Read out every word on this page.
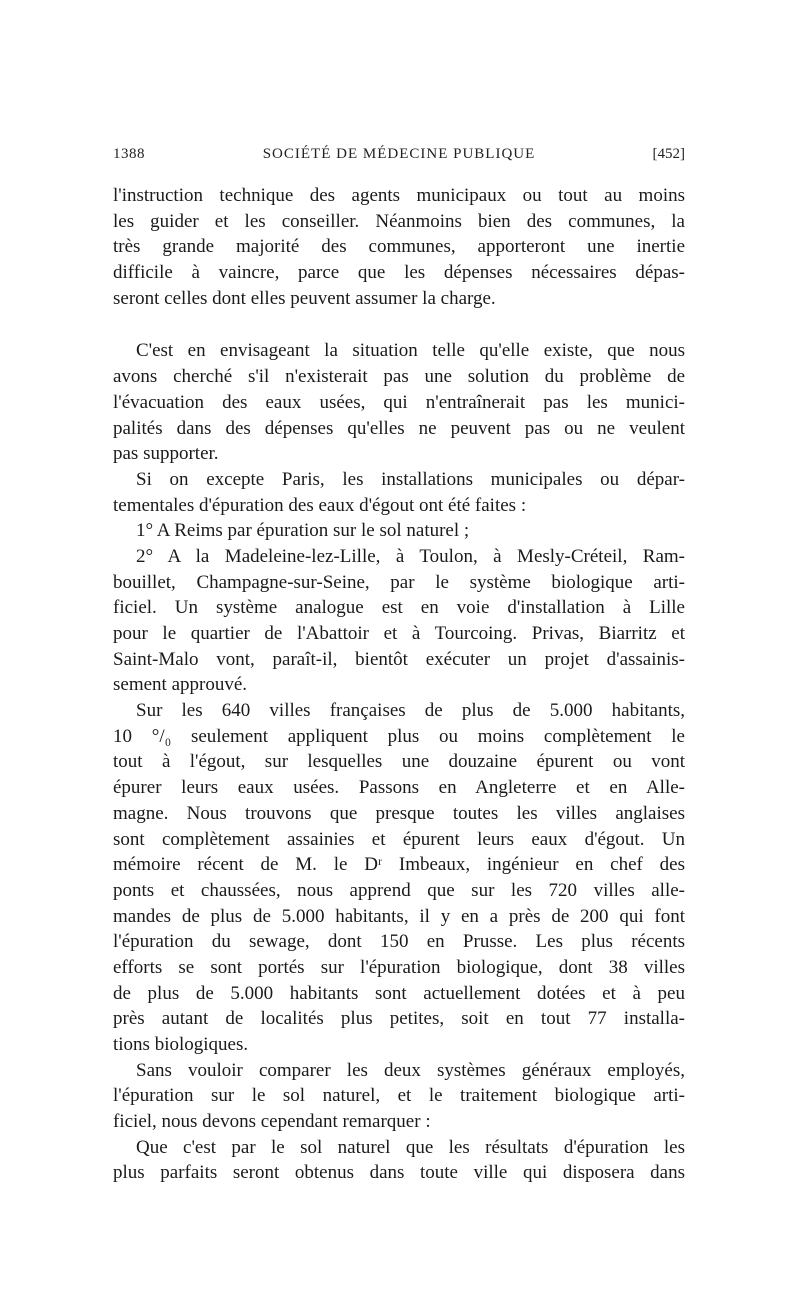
1388	SOCIÉTÉ DE MÉDECINE PUBLIQUE	[452]
l'instruction technique des agents municipaux ou tout au moins
les guider et les conseiller. Néanmoins bien des communes, la
très grande majorité des communes, apporteront une inertie
difficile à vaincre, parce que les dépenses nécessaires dépas-
seront celles dont elles peuvent assumer la charge.
C'est en envisageant la situation telle qu'elle existe, que nous
avons cherché s'il n'existerait pas une solution du problème de
l'évacuation des eaux usées, qui n'entraînerait pas les munici-
palités dans des dépenses qu'elles ne peuvent pas ou ne veulent
pas supporter.
Si on excepte Paris, les installations municipales ou dépar-
tementales d'épuration des eaux d'égout ont été faites :
1° A Reims par épuration sur le sol naturel ;
2° A la Madeleine-lez-Lille, à Toulon, à Mesly-Créteil, Ram-
bouillet, Champagne-sur-Seine, par le système biologique arti-
ficiel. Un système analogue est en voie d'installation à Lille
pour le quartier de l'Abattoir et à Tourcoing. Privas, Biarritz et
Saint-Malo vont, paraît-il, bientôt exécuter un projet d'assainis-
sement approuvé.
Sur les 640 villes françaises de plus de 5.000 habitants,
10 °/₀ seulement appliquent plus ou moins complètement le
tout à l'égout, sur lesquelles une douzaine épurent ou vont
épurer leurs eaux usées. Passons en Angleterre et en Alle-
magne. Nous trouvons que presque toutes les villes anglaises
sont complètement assainies et épurent leurs eaux d'égout. Un
mémoire récent de M. le Dʳ Imbeaux, ingénieur en chef des
ponts et chaussées, nous apprend que sur les 720 villes alle-
mandes de plus de 5.000 habitants, il y en a près de 200 qui font
l'épuration du sewage, dont 150 en Prusse. Les plus récents
efforts se sont portés sur l'épuration biologique, dont 38 villes
de plus de 5.000 habitants sont actuellement dotées et à peu
près autant de localités plus petites, soit en tout 77 installa-
tions biologiques.
Sans vouloir comparer les deux systèmes généraux employés,
l'épuration sur le sol naturel, et le traitement biologique arti-
ficiel, nous devons cependant remarquer :
Que c'est par le sol naturel que les résultats d'épuration les
plus parfaits seront obtenus dans toute ville qui disposera dans
